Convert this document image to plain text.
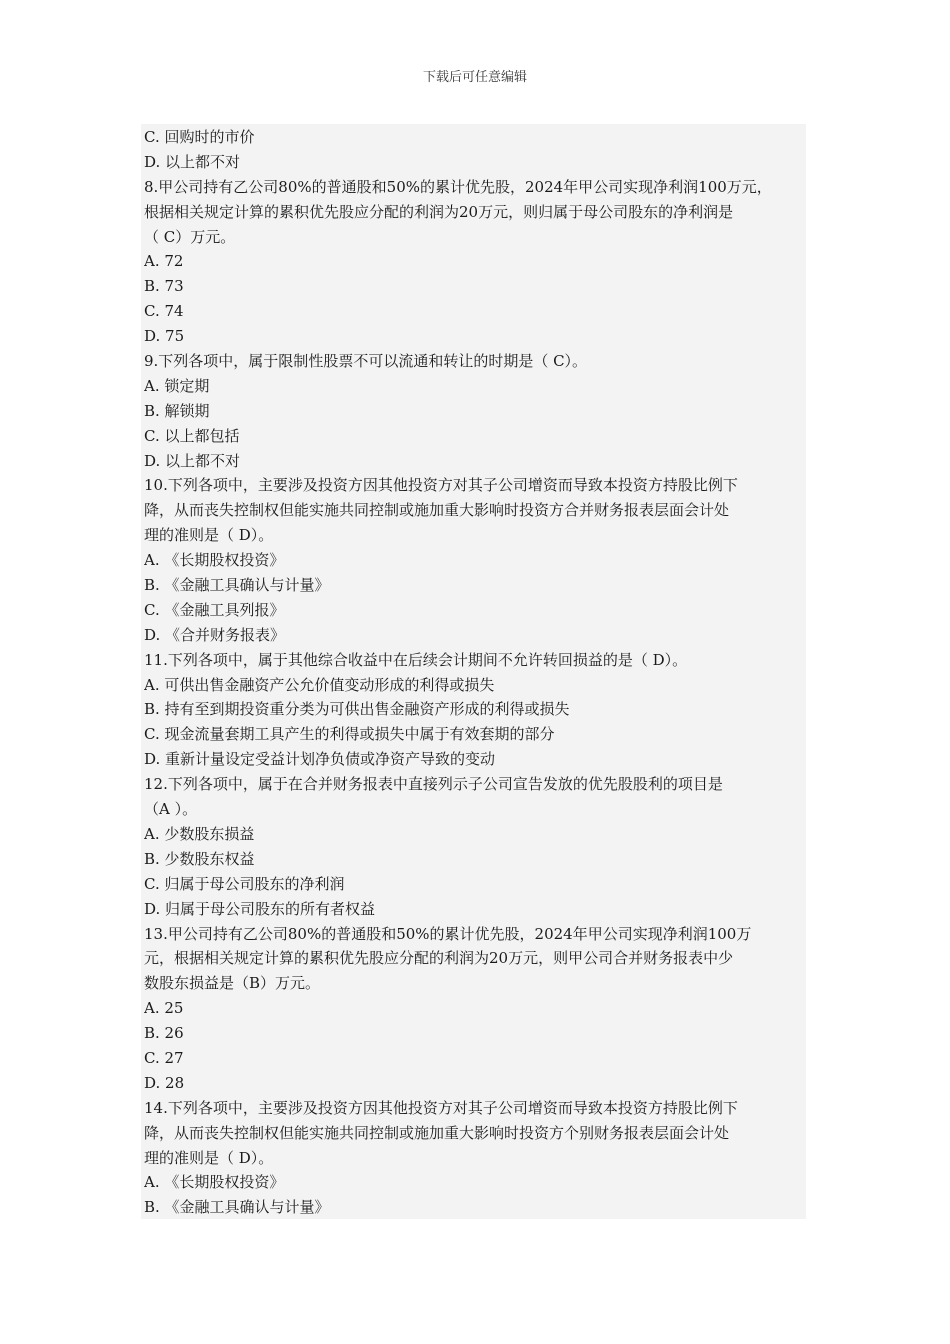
下载后可任意编辑
C. 回购时的市价
D. 以上都不对
8.甲公司持有乙公司80%的普通股和50%的累计优先股，2024年甲公司实现净利润100万元，
根据相关规定计算的累积优先股应分配的利润为20万元，则归属于母公司股东的净利润是
（ C）万元。
A. 72
B. 73
C. 74
D. 75
9.下列各项中，属于限制性股票不可以流通和转让的时期是（ C）。
A. 锁定期
B. 解锁期
C. 以上都包括
D. 以上都不对
10.下列各项中，主要涉及投资方因其他投资方对其子公司增资而导致本投资方持股比例下
降，从而丧失控制权但能实施共同控制或施加重大影响时投资方合并财务报表层面会计处
理的准则是（ D）。
A. 《长期股权投资》
B. 《金融工具确认与计量》
C. 《金融工具列报》
D. 《合并财务报表》
11.下列各项中，属于其他综合收益中在后续会计期间不允许转回损益的是（ D）。
A. 可供出售金融资产公允价值变动形成的利得或损失
B. 持有至到期投资重分类为可供出售金融资产形成的利得或损失
C. 现金流量套期工具产生的利得或损失中属于有效套期的部分
D. 重新计量设定受益计划净负债或净资产导致的变动
12.下列各项中，属于在合并财务报表中直接列示子公司宣告发放的优先股股利的项目是
（A ）。
A. 少数股东损益
B. 少数股东权益
C. 归属于母公司股东的净利润
D. 归属于母公司股东的所有者权益
13.甲公司持有乙公司80%的普通股和50%的累计优先股，2024年甲公司实现净利润100万
元，根据相关规定计算的累积优先股应分配的利润为20万元，则甲公司合并财务报表中少
数股东损益是（B）万元。
A. 25
B. 26
C. 27
D. 28
14.下列各项中，主要涉及投资方因其他投资方对其子公司增资而导致本投资方持股比例下
降，从而丧失控制权但能实施共同控制或施加重大影响时投资方个别财务报表层面会计处
理的准则是（ D）。
A. 《长期股权投资》
B. 《金融工具确认与计量》
